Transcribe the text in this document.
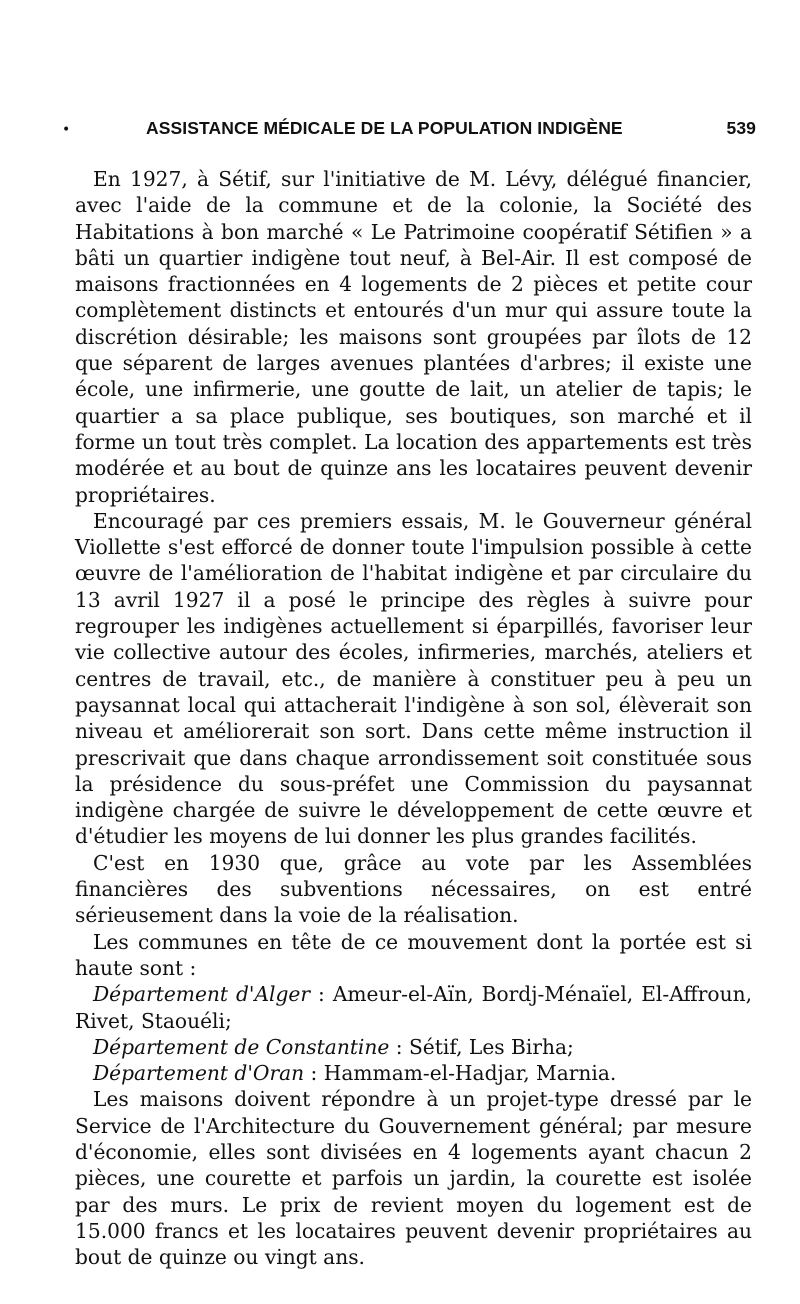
•	ASSISTANCE MÉDICALE DE LA POPULATION INDIGÈNE	539

En 1927, à Sétif, sur l'initiative de M. Lévy, délégué financier, avec l'aide de la commune et de la colonie, la Société des Habitations à bon marché « Le Patrimoine coopératif Sétifien » a bâti un quartier indigène tout neuf, à Bel-Air. Il est composé de maisons fractionnées en 4 logements de 2 pièces et petite cour complètement distincts et entourés d'un mur qui assure toute la discrétion désirable; les maisons sont groupées par îlots de 12 que séparent de larges avenues plantées d'arbres; il existe une école, une infirmerie, une goutte de lait, un atelier de tapis; le quartier a sa place publique, ses boutiques, son marché et il forme un tout très complet. La location des appartements est très modérée et au bout de quinze ans les locataires peuvent devenir propriétaires.

Encouragé par ces premiers essais, M. le Gouverneur général Viollette s'est efforcé de donner toute l'impulsion possible à cette œuvre de l'amélioration de l'habitat indigène et par circulaire du 13 avril 1927 il a posé le principe des règles à suivre pour regrouper les indigènes actuellement si éparpillés, favoriser leur vie collective autour des écoles, infirmeries, marchés, ateliers et centres de travail, etc., de manière à constituer peu à peu un paysannat local qui attacherait l'indigène à son sol, élèverait son niveau et améliorerait son sort. Dans cette même instruction il prescrivait que dans chaque arrondissement soit constituée sous la présidence du sous-préfet une Commission du paysannat indigène chargée de suivre le développement de cette œuvre et d'étudier les moyens de lui donner les plus grandes facilités.

C'est en 1930 que, grâce au vote par les Assemblées financières des subventions nécessaires, on est entré sérieusement dans la voie de la réalisation.

Les communes en tête de ce mouvement dont la portée est si haute sont :

Département d'Alger : Ameur-el-Aïn, Bordj-Ménaïel, El-Affroun, Rivet, Staouéli;

Département de Constantine : Sétif, Les Birha;

Département d'Oran : Hammam-el-Hadjar, Marnia.

Les maisons doivent répondre à un projet-type dressé par le Service de l'Architecture du Gouvernement général; par mesure d'économie, elles sont divisées en 4 logements ayant chacun 2 pièces, une courette et parfois un jardin, la courette est isolée par des murs. Le prix de revient moyen du logement est de 15.000 francs et les locataires peuvent devenir propriétaires au bout de quinze ou vingt ans.
